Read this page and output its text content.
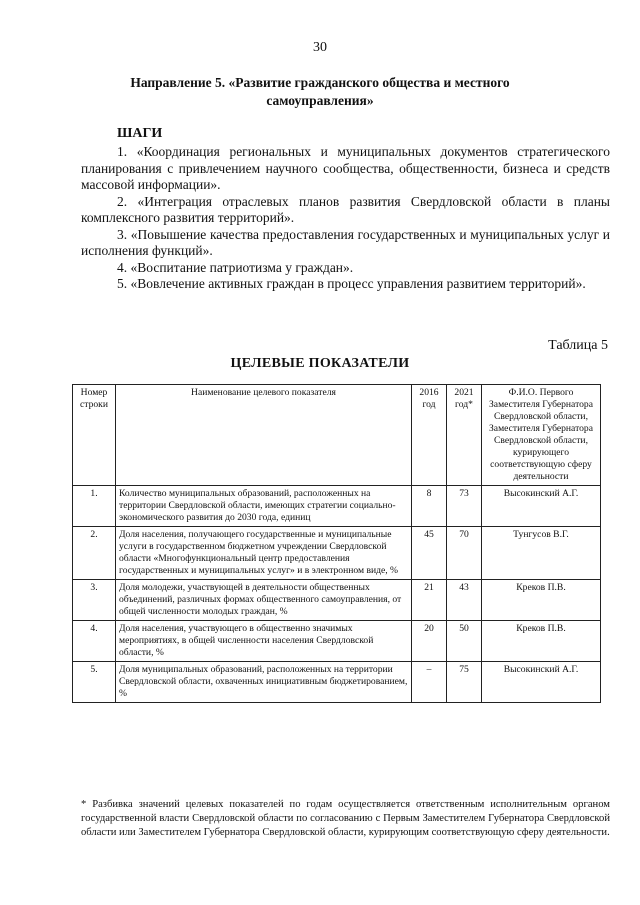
30
Направление 5. «Развитие гражданского общества и местного самоуправления»
ШАГИ

1. «Координация региональных и муниципальных документов стратегического планирования с привлечением научного сообщества, общественности, бизнеса и средств массовой информации».

2. «Интеграция отраслевых планов развития Свердловской области в планы комплексного развития территорий».

3. «Повышение качества предоставления государственных и муниципальных услуг и исполнения функций».

4. «Воспитание патриотизма у граждан».

5. «Вовлечение активных граждан в процесс управления развитием территорий».

Таблица 5
ЦЕЛЕВЫЕ ПОКАЗАТЕЛИ
Номер строки	Наименование целевого показателя	2016 год	2021 год*	Ф.И.О. Первого Заместителя Губернатора Свердловской области, Заместителя Губернатора Свердловской области, курирующего соответствующую сферу деятельности
1.	Количество муниципальных образований, расположенных на территории Свердловской области, имеющих стратегии социально-экономического развития до 2030 года, единиц	8	73	Высокинский А.Г.
2.	Доля населения, получающего государственные и муниципальные услуги в государственном бюджетном учреждении Свердловской области «Многофункциональный центр предоставления государственных и муниципальных услуг» и в электронном виде, %	45	70	Тунгусов В.Г.
3.	Доля молодежи, участвующей в деятельности общественных объединений, различных формах общественного самоуправления, от общей численности молодых граждан, %	21	43	Креков П.В.
4.	Доля населения, участвующего в общественно значимых мероприятиях, в общей численности населения Свердловской области, %	20	50	Креков П.В.
5.	Доля муниципальных образований, расположенных на территории Свердловской области, охваченных инициативным бюджетированием, %	–	75	Высокинский А.Г.
* Разбивка значений целевых показателей по годам осуществляется ответственным исполнительным органом государственной власти Свердловской области по согласованию с Первым Заместителем Губернатора Свердловской области или Заместителем Губернатора Свердловской области, курирующим соответствующую сферу деятельности.
